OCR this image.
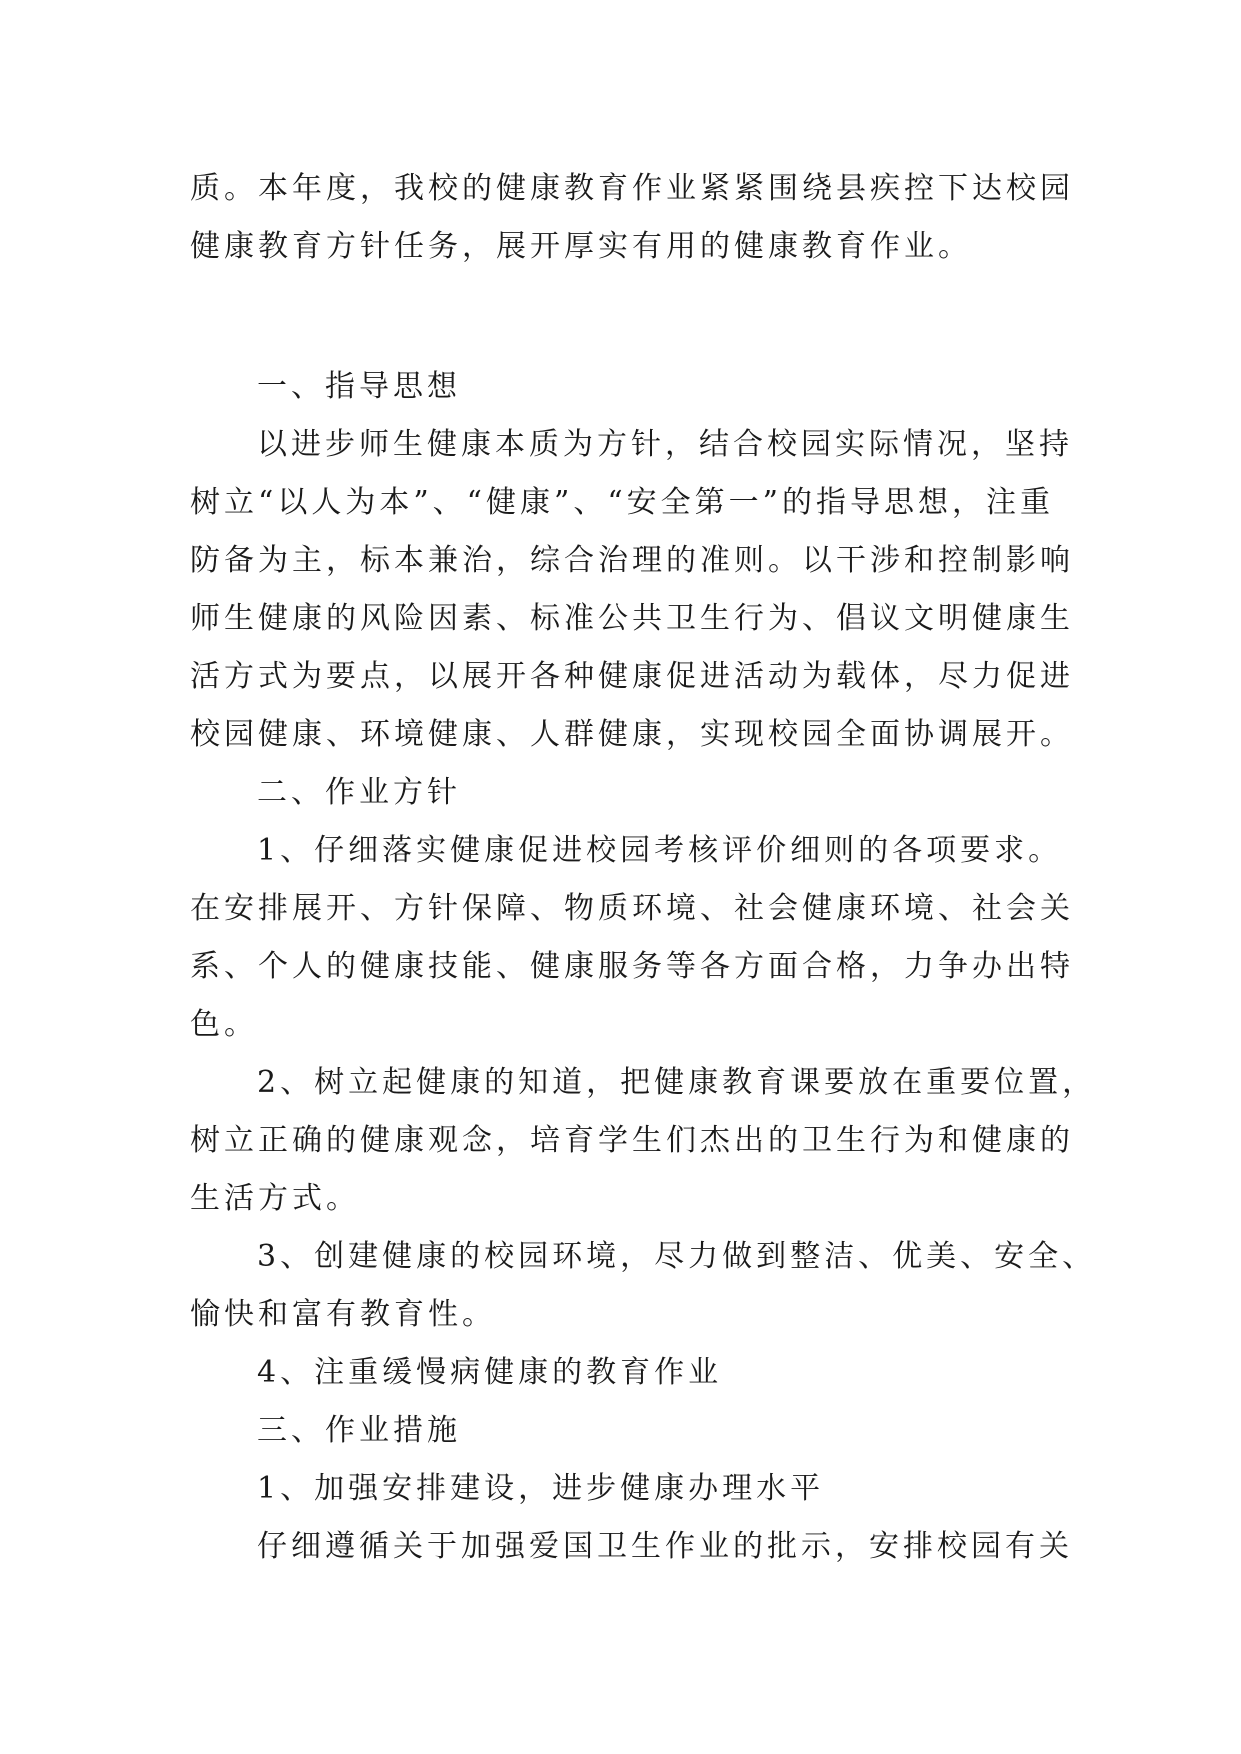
质。本年度，我校的健康教育作业紧紧围绕县疾控下达校园
健康教育方针任务，展开厚实有用的健康教育作业。
一、指导思想
以进步师生健康本质为方针，结合校园实际情况，坚持
树立“以人为本”、“健康”、“安全第一”的指导思想，注重
防备为主，标本兼治，综合治理的准则。以干涉和控制影响
师生健康的风险因素、标准公共卫生行为、倡议文明健康生
活方式为要点，以展开各种健康促进活动为载体，尽力促进
校园健康、环境健康、人群健康，实现校园全面协调展开。
二、作业方针
1、仔细落实健康促进校园考核评价细则的各项要求。
在安排展开、方针保障、物质环境、社会健康环境、社会关
系、个人的健康技能、健康服务等各方面合格，力争办出特
色。
2、树立起健康的知道，把健康教育课要放在重要位置，
树立正确的健康观念，培育学生们杰出的卫生行为和健康的
生活方式。
3、创建健康的校园环境，尽力做到整洁、优美、安全、
愉快和富有教育性。
4、注重缓慢病健康的教育作业
三、作业措施
1、加强安排建设，进步健康办理水平
仔细遵循关于加强爱国卫生作业的批示，安排校园有关
